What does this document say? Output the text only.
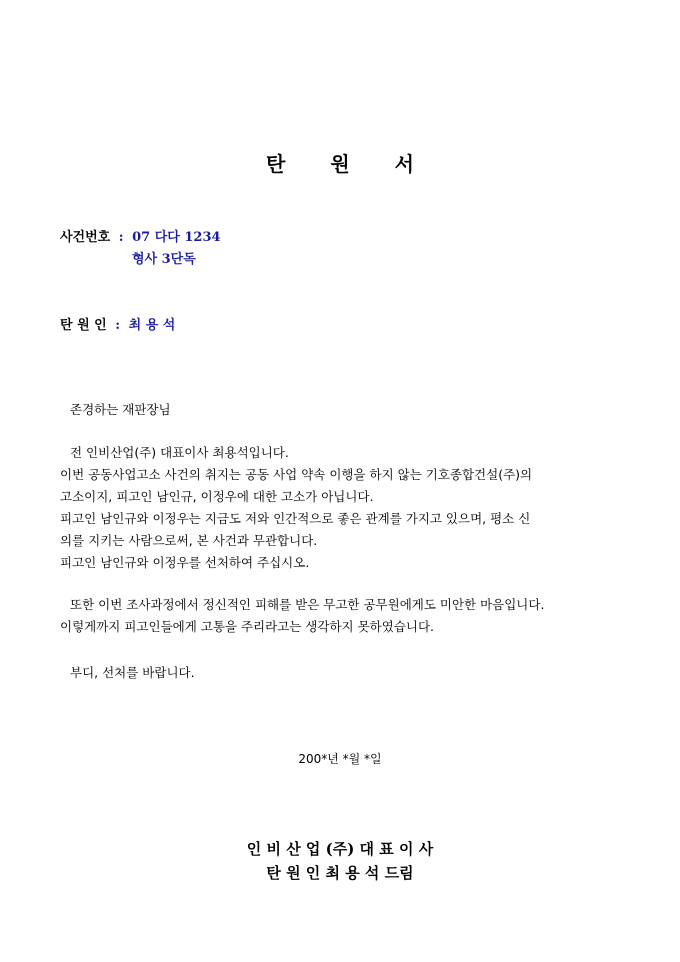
탄 원 서
사건번호 : 07 다다 1234
형사 3단독
탄 원 인 : 최 용 석
존경하는 재판장님
전 인비산업(주) 대표이사 최용석입니다.
이번 공동사업고소 사건의 취지는 공동 사업 약속 이행을 하지 않는 기호종합건설(주)의
고소이지, 피고인 남인규, 이정우에 대한 고소가 아닙니다.
피고인 남인규와 이정우는 지금도 저와 인간적으로 좋은 관계를 가지고 있으며, 평소 신
의를 지키는 사람으로써, 본 사건과 무관합니다.
피고인 남인규와 이정우를 선처하여 주십시오.
또한 이번 조사과정에서 정신적인 피해를 받은 무고한 공무원에게도 미안한 마음입니다.
이렇게까지 피고인들에게 고통을 주리라고는 생각하지 못하였습니다.
부디, 선처를 바랍니다.
200*년 *월 *일
인 비 산 업 (주) 대 표 이 사
탄 원 인 최 용 석 드림
